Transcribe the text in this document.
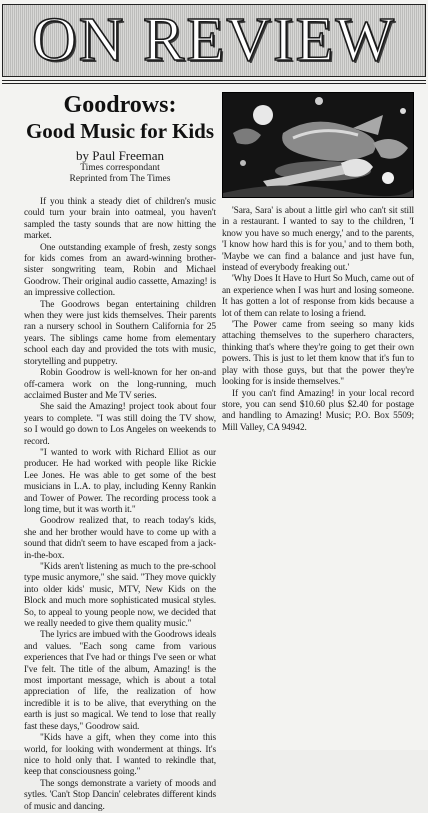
ON REVIEW
Goodrows:
Good Music for Kids
by Paul Freeman
Times correspondant
Reprinted from The Times

If you think a steady diet of children's music could turn your brain into oatmeal, you haven't sampled the tasty sounds that are now hitting the market.

One outstanding example of fresh, zesty songs for kids comes from an award-winning brother-sister songwriting team, Robin and Michael Goodrow. Their original audio cassette, Amazing! is an impressive collection.

The Goodrows began entertaining children when they were just kids themselves. Their parents ran a nursery school in Southern California for 25 years. The siblings came home from elementary school each day and provided the tots with music, storytelling and puppetry.

Robin Goodrow is well-known for her on-and off-camera work on the long-running, much acclaimed Buster and Me TV series.

She said the Amazing! project took about four years to complete. "I was still doing the TV show, so I would go down to Los Angeles on weekends to record.

"I wanted to work with Richard Elliot as our producer. He had worked with people like Rickie Lee Jones. He was able to get some of the best musicians in L.A. to play, including Kenny Rankin and Tower of Power. The recording process took a long time, but it was worth it."

Goodrow realized that, to reach today's kids, she and her brother would have to come up with a sound that didn't seem to have escaped from a jack-in-the-box.

"Kids aren't listening as much to the pre-school type music anymore," she said. "They move quickly into older kids' music, MTV, New Kids on the Block and much more sophisticated musical styles. So, to appeal to young people now, we decided that we really needed to give them quality music."

The lyrics are imbued with the Goodrows ideals and values. "Each song came from various experiences that I've had or things I've seen or what I've felt. The title of the album, Amazing! is the most important message, which is about a total appreciation of life, the realization of how incredible it is to be alive, that everything on the earth is just so magical. We tend to lose that really fast these days," Goodrow said.

"Kids have a gift, when they come into this world, for looking with wonderment at things. It's nice to hold only that. I wanted to rekindle that, keep that consciousness going."

The songs demonstrate a variety of moods and sytles. 'Can't Stop Dancin' celebrates different kinds of music and dancing.

'Sara, Sara' is about a little girl who can't sit still in a restaurant. I wanted to say to the children, 'I know you have so much energy,' and to the parents, 'I know how hard this is for you,' and to them both, 'Maybe we can find a balance and just have fun, instead of everybody freaking out.'

'Why Does It Have to Hurt So Much, came out of an experience when I was hurt and losing someone. It has gotten a lot of response from kids because a lot of them can relate to losing a friend.

'The Power came from seeing so many kids attaching themselves to the superhero characters, thinking that's where they're going to get their own powers. This is just to let them know that it's fun to play with those guys, but that the power they're looking for is inside themselves."

If you can't find Amazing! in your local record store, you can send $10.60 plus $2.40 for postage and handling to Amazing! Music; P.O. Box 5509; Mill Valley, CA 94942.
